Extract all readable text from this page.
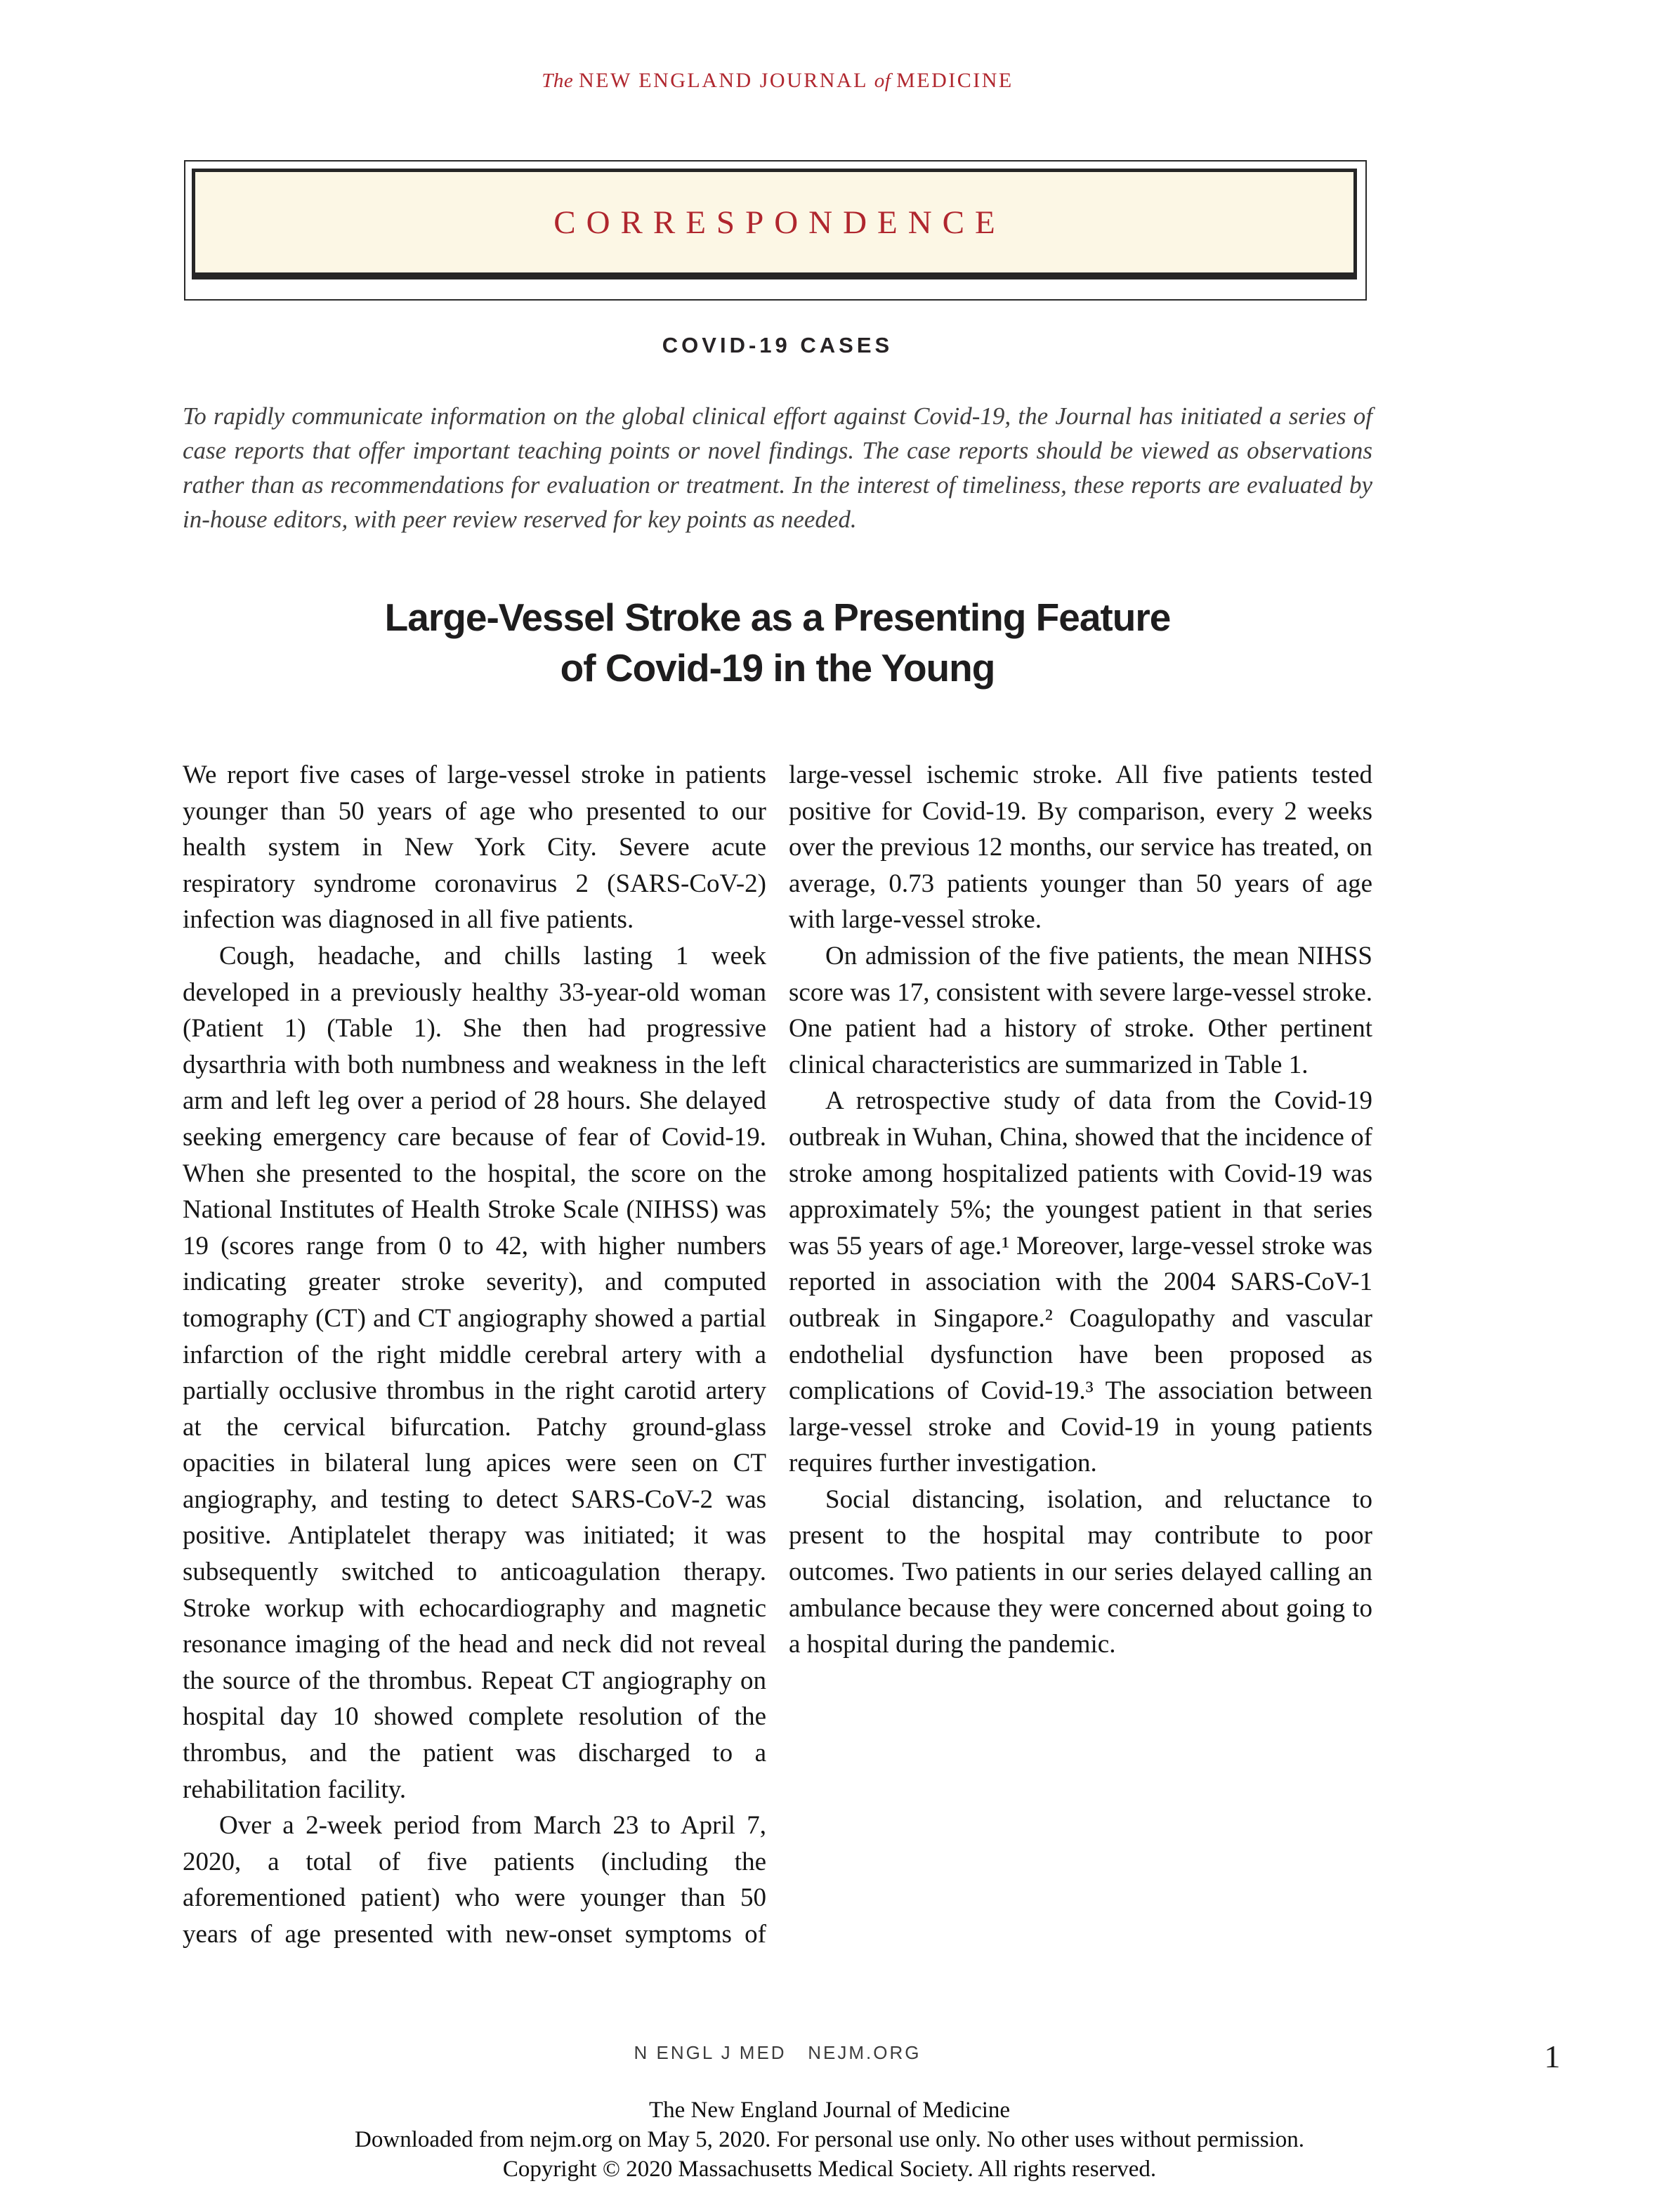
The NEW ENGLAND JOURNAL of MEDICINE
CORRESPONDENCE
COVID-19 CASES
To rapidly communicate information on the global clinical effort against Covid-19, the Journal has initiated a series of case reports that offer important teaching points or novel findings. The case reports should be viewed as observations rather than as recommendations for evaluation or treatment. In the interest of timeliness, these reports are evaluated by in-house editors, with peer review reserved for key points as needed.
Large-Vessel Stroke as a Presenting Feature
of Covid-19 in the Young

We report five cases of large-vessel stroke in patients younger than 50 years of age who presented to our health system in New York City. Severe acute respiratory syndrome coronavirus 2 (SARS-CoV-2) infection was diagnosed in all five patients.

Cough, headache, and chills lasting 1 week developed in a previously healthy 33-year-old woman (Patient 1) (Table 1). She then had progressive dysarthria with both numbness and weakness in the left arm and left leg over a period of 28 hours. She delayed seeking emergency care because of fear of Covid-19. When she presented to the hospital, the score on the National Institutes of Health Stroke Scale (NIHSS) was 19 (scores range from 0 to 42, with higher numbers indicating greater stroke severity), and computed tomography (CT) and CT angiography showed a partial infarction of the right middle cerebral artery with a partially occlusive thrombus in the right carotid artery at the cervical bifurcation. Patchy ground-glass opacities in bilateral lung apices were seen on CT angiography, and testing to detect SARS-CoV-2 was positive. Antiplatelet therapy was initiated; it was subsequently switched to anticoagulation therapy. Stroke workup with echocardiography and magnetic resonance imaging of the head and neck did not reveal the source of the thrombus. Repeat CT angiography on hospital day 10 showed complete resolution of the thrombus, and the patient was discharged to a rehabilitation facility.

Over a 2-week period from March 23 to April 7, 2020, a total of five patients (including the aforementioned patient) who were younger than 50 years of age presented with new-onset symptoms of large-vessel ischemic stroke. All five patients tested positive for Covid-19. By comparison, every 2 weeks over the previous 12 months, our service has treated, on average, 0.73 patients younger than 50 years of age with large-vessel stroke.

On admission of the five patients, the mean NIHSS score was 17, consistent with severe large-vessel stroke. One patient had a history of stroke. Other pertinent clinical characteristics are summarized in Table 1.

A retrospective study of data from the Covid-19 outbreak in Wuhan, China, showed that the incidence of stroke among hospitalized patients with Covid-19 was approximately 5%; the youngest patient in that series was 55 years of age.¹ Moreover, large-vessel stroke was reported in association with the 2004 SARS-CoV-1 outbreak in Singapore.² Coagulopathy and vascular endothelial dysfunction have been proposed as complications of Covid-19.³ The association between large-vessel stroke and Covid-19 in young patients requires further investigation.

Social distancing, isolation, and reluctance to present to the hospital may contribute to poor outcomes. Two patients in our series delayed calling an ambulance because they were concerned about going to a hospital during the pandemic.

N ENGL J MED   NEJM.ORG	1
The New England Journal of Medicine
Downloaded from nejm.org on May 5, 2020. For personal use only. No other uses without permission.
Copyright © 2020 Massachusetts Medical Society. All rights reserved.
